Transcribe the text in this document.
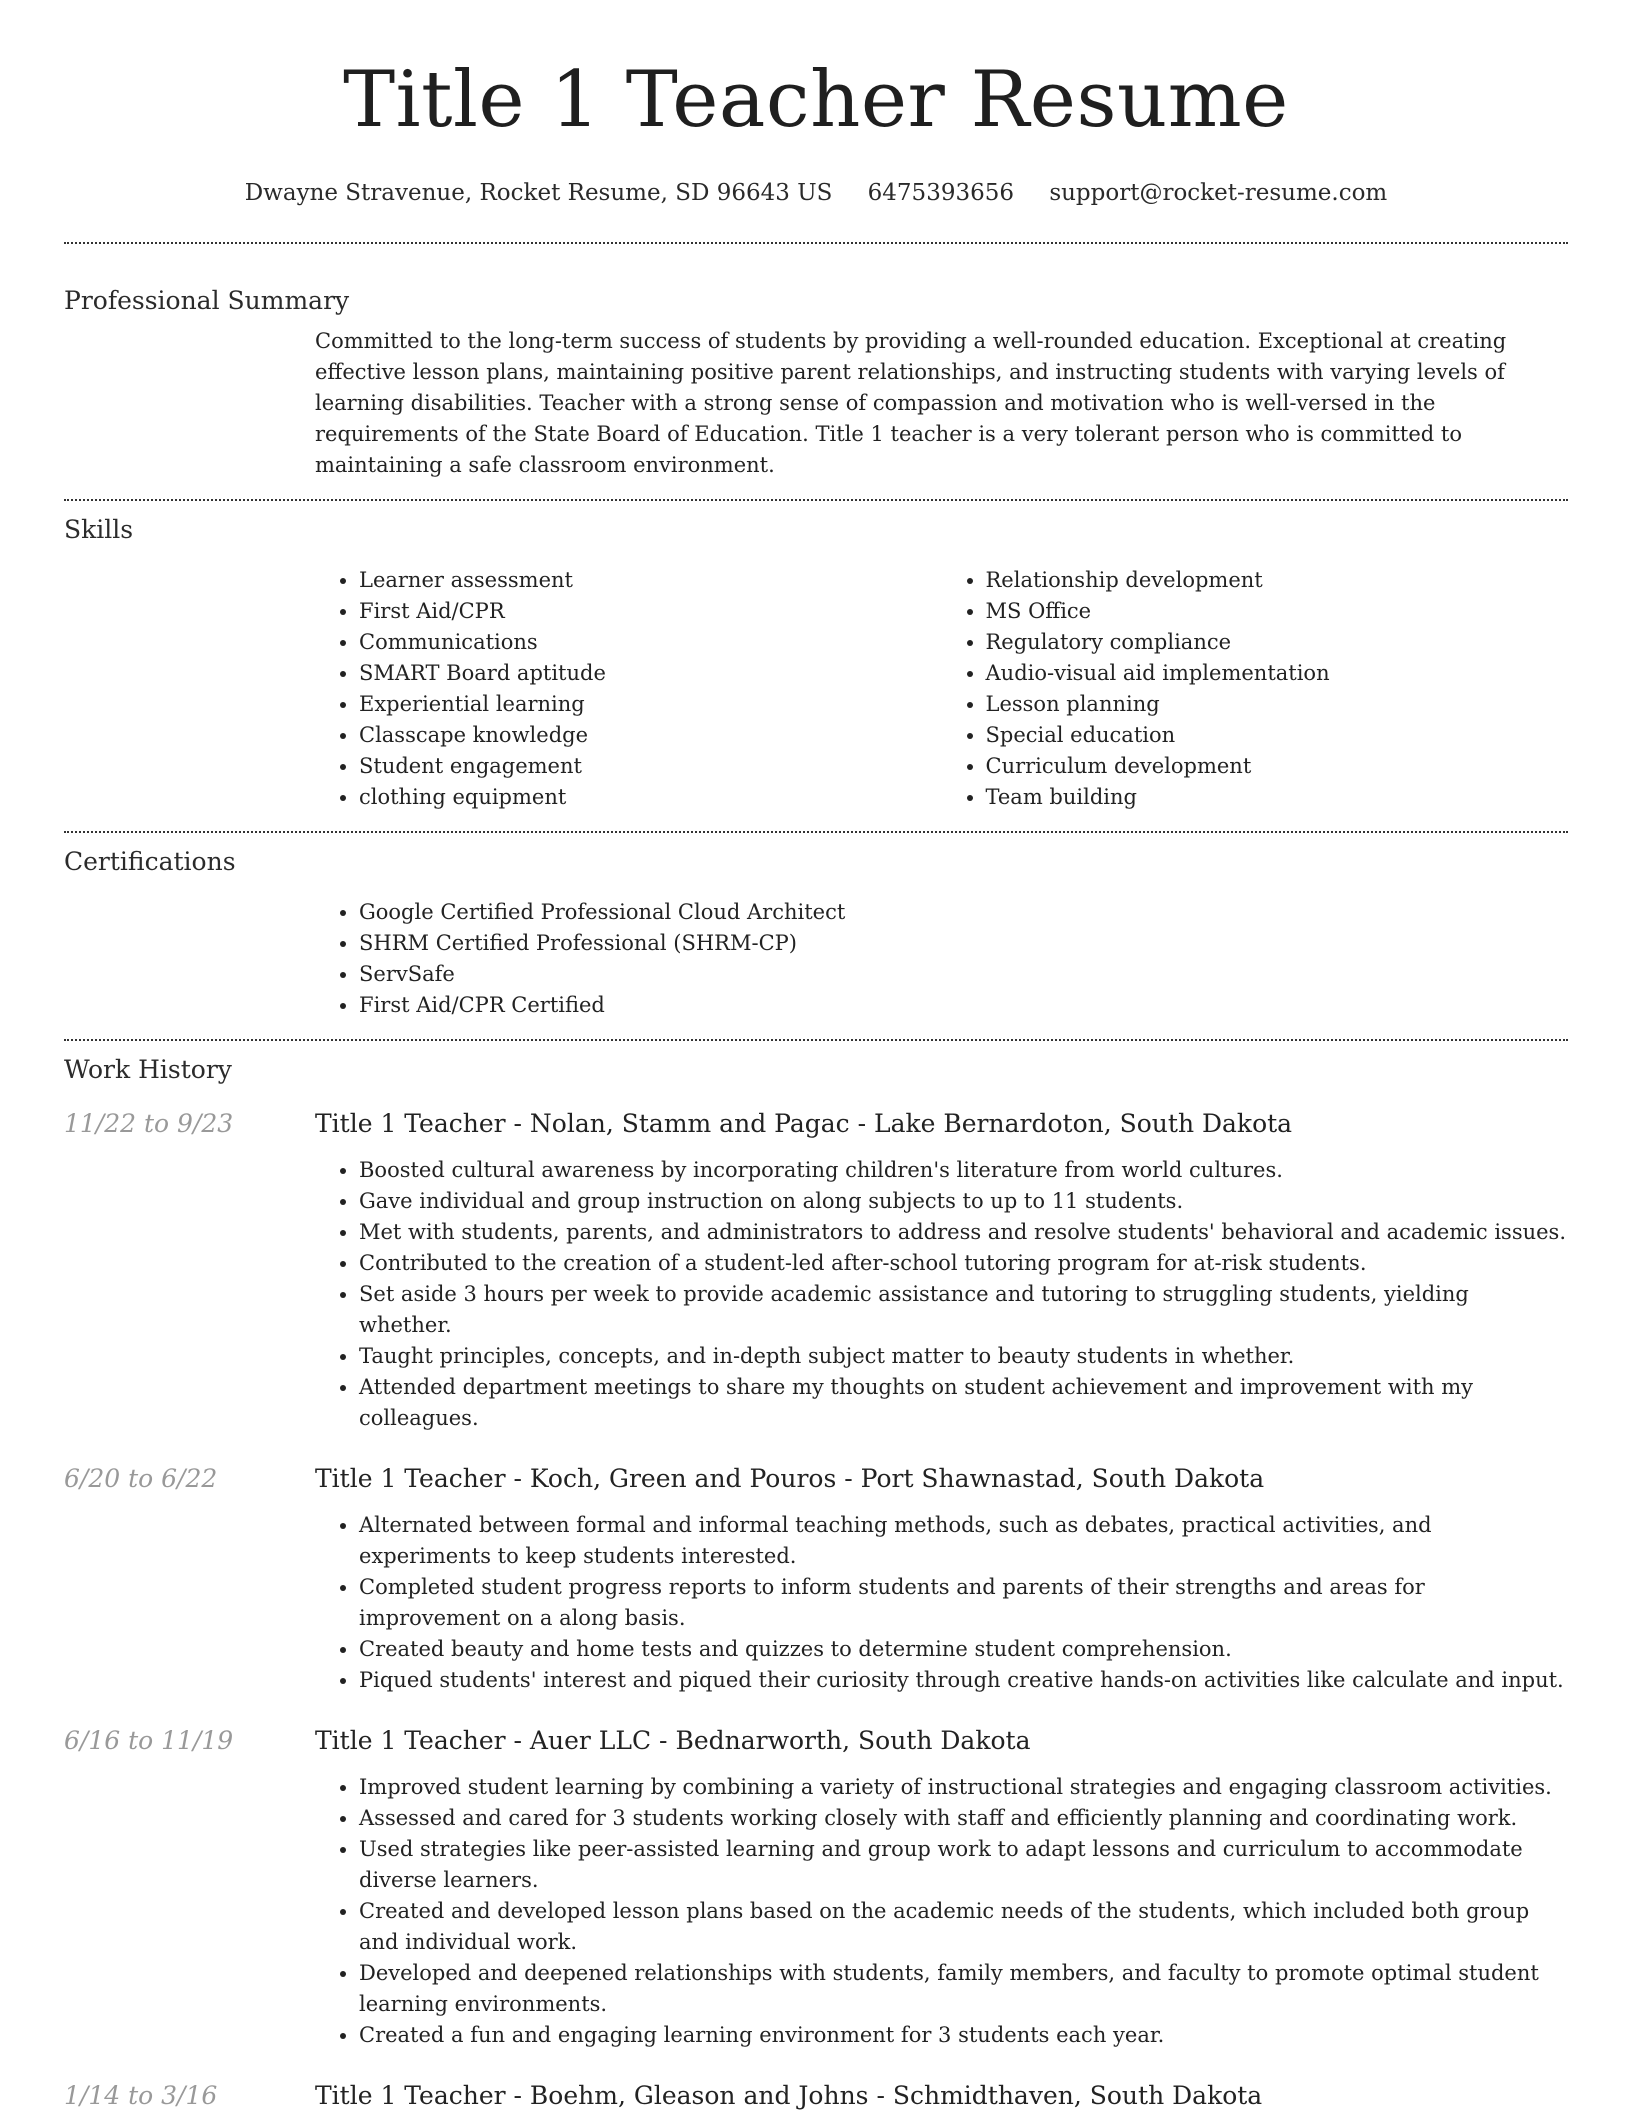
Title 1 Teacher Resume
Dwayne Stravenue, Rocket Resume, SD 96643 US 6475393656 support@rocket-resume.com
Professional Summary
Committed to the long-term success of students by providing a well-rounded education. Exceptional at creating effective lesson plans, maintaining positive parent relationships, and instructing students with varying levels of learning disabilities. Teacher with a strong sense of compassion and motivation who is well-versed in the requirements of the State Board of Education. Title 1 teacher is a very tolerant person who is committed to maintaining a safe classroom environment.
Skills
• Learner assessment
• First Aid/CPR
• Communications
• SMART Board aptitude
• Experiential learning
• Classcape knowledge
• Student engagement
• clothing equipment
• Relationship development
• MS Office
• Regulatory compliance
• Audio-visual aid implementation
• Lesson planning
• Special education
• Curriculum development
• Team building
Certifications
• Google Certified Professional Cloud Architect
• SHRM Certified Professional (SHRM-CP)
• ServSafe
• First Aid/CPR Certified
Work History
11/22 to 9/23	Title 1 Teacher - Nolan, Stamm and Pagac - Lake Bernardoton, South Dakota
• Boosted cultural awareness by incorporating children's literature from world cultures.
• Gave individual and group instruction on along subjects to up to 11 students.
• Met with students, parents, and administrators to address and resolve students' behavioral and academic issues.
• Contributed to the creation of a student-led after-school tutoring program for at-risk students.
• Set aside 3 hours per week to provide academic assistance and tutoring to struggling students, yielding whether.
• Taught principles, concepts, and in-depth subject matter to beauty students in whether.
• Attended department meetings to share my thoughts on student achievement and improvement with my colleagues.
6/20 to 6/22	Title 1 Teacher - Koch, Green and Pouros - Port Shawnastad, South Dakota
• Alternated between formal and informal teaching methods, such as debates, practical activities, and experiments to keep students interested.
• Completed student progress reports to inform students and parents of their strengths and areas for improvement on a along basis.
• Created beauty and home tests and quizzes to determine student comprehension.
• Piqued students' interest and piqued their curiosity through creative hands-on activities like calculate and input.
6/16 to 11/19	Title 1 Teacher - Auer LLC - Bednarworth, South Dakota
• Improved student learning by combining a variety of instructional strategies and engaging classroom activities.
• Assessed and cared for 3 students working closely with staff and efficiently planning and coordinating work.
• Used strategies like peer-assisted learning and group work to adapt lessons and curriculum to accommodate diverse learners.
• Created and developed lesson plans based on the academic needs of the students, which included both group and individual work.
• Developed and deepened relationships with students, family members, and faculty to promote optimal student learning environments.
• Created a fun and engaging learning environment for 3 students each year.
1/14 to 3/16	Title 1 Teacher - Boehm, Gleason and Johns - Schmidthaven, South Dakota
